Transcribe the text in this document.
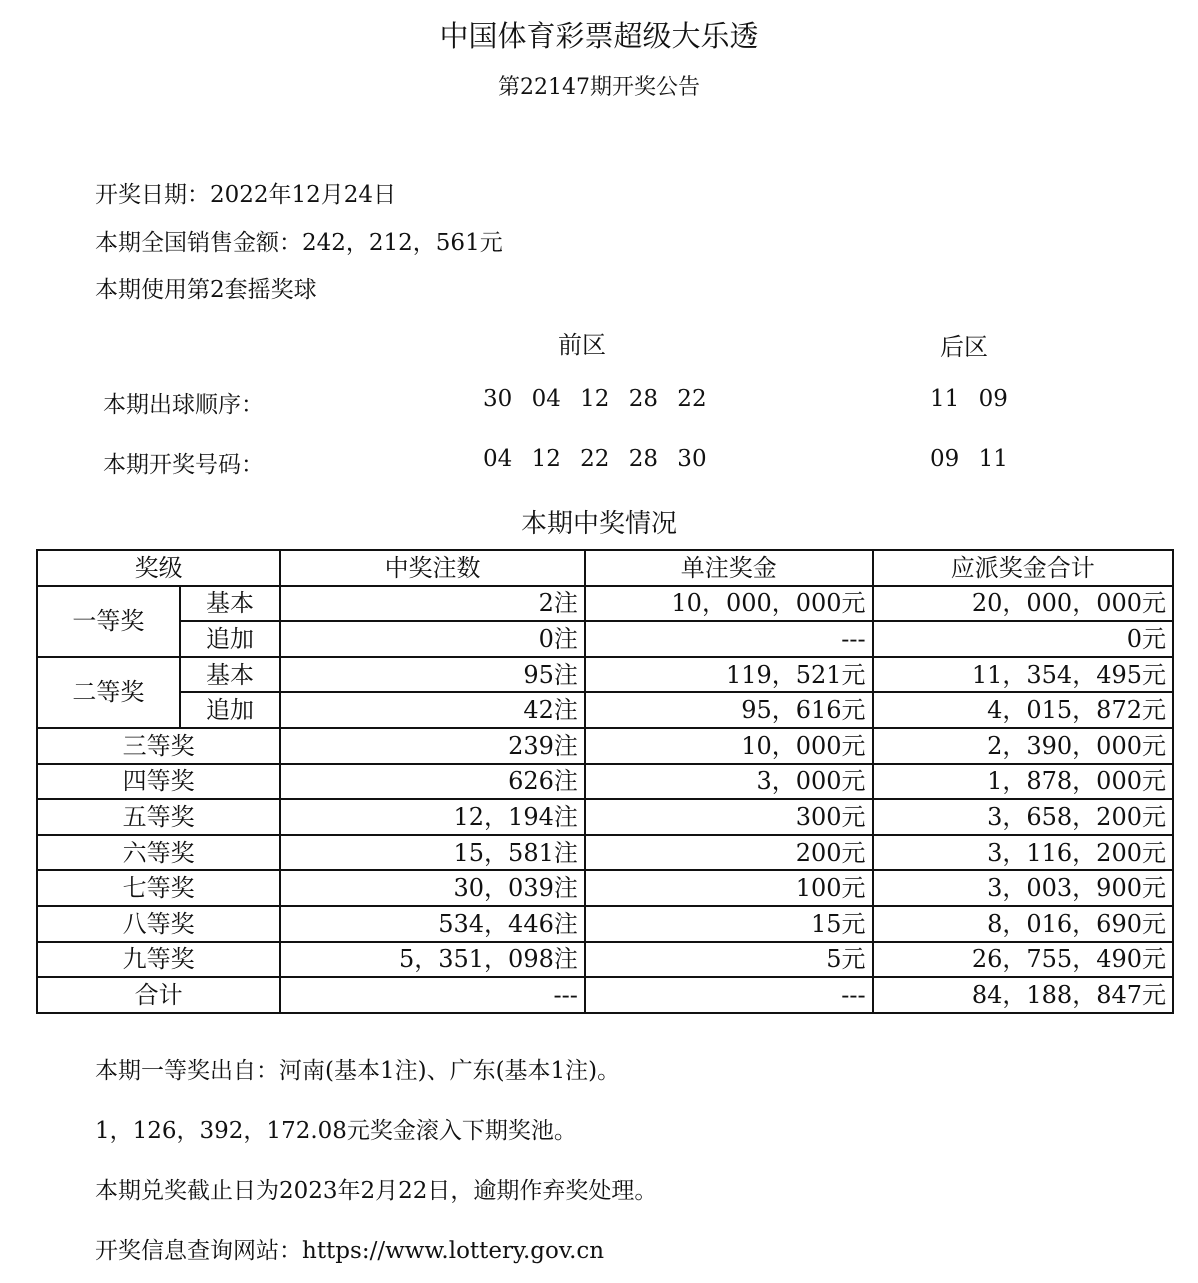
中国体育彩票超级大乐透
第22147期开奖公告
开奖日期：2022年12月24日
本期全国销售金额：242，212，561元
本期使用第2套摇奖球
前区	后区
本期出球顺序：	30 04 12 28 22	11 09
本期开奖号码：	04 12 22 28 30	09 11
本期中奖情况
奖级		中奖注数	单注奖金	应派奖金合计
一等奖	基本	2注	10，000，000元	20，000，000元
	追加	0注	---	0元
二等奖	基本	95注	119，521元	11，354，495元
	追加	42注	95，616元	4，015，872元
三等奖		239注	10，000元	2，390，000元
四等奖		626注	3，000元	1，878，000元
五等奖		12，194注	300元	3，658，200元
六等奖		15，581注	200元	3，116，200元
七等奖		30，039注	100元	3，003，900元
八等奖		534，446注	15元	8，016，690元
九等奖		5，351，098注	5元	26，755，490元
合计		---	---	84，188，847元
本期一等奖出自：河南(基本1注)、广东(基本1注)。
1，126，392，172.08元奖金滚入下期奖池。
本期兑奖截止日为2023年2月22日，逾期作弃奖处理。
开奖信息查询网站：https://www.lottery.gov.cn
